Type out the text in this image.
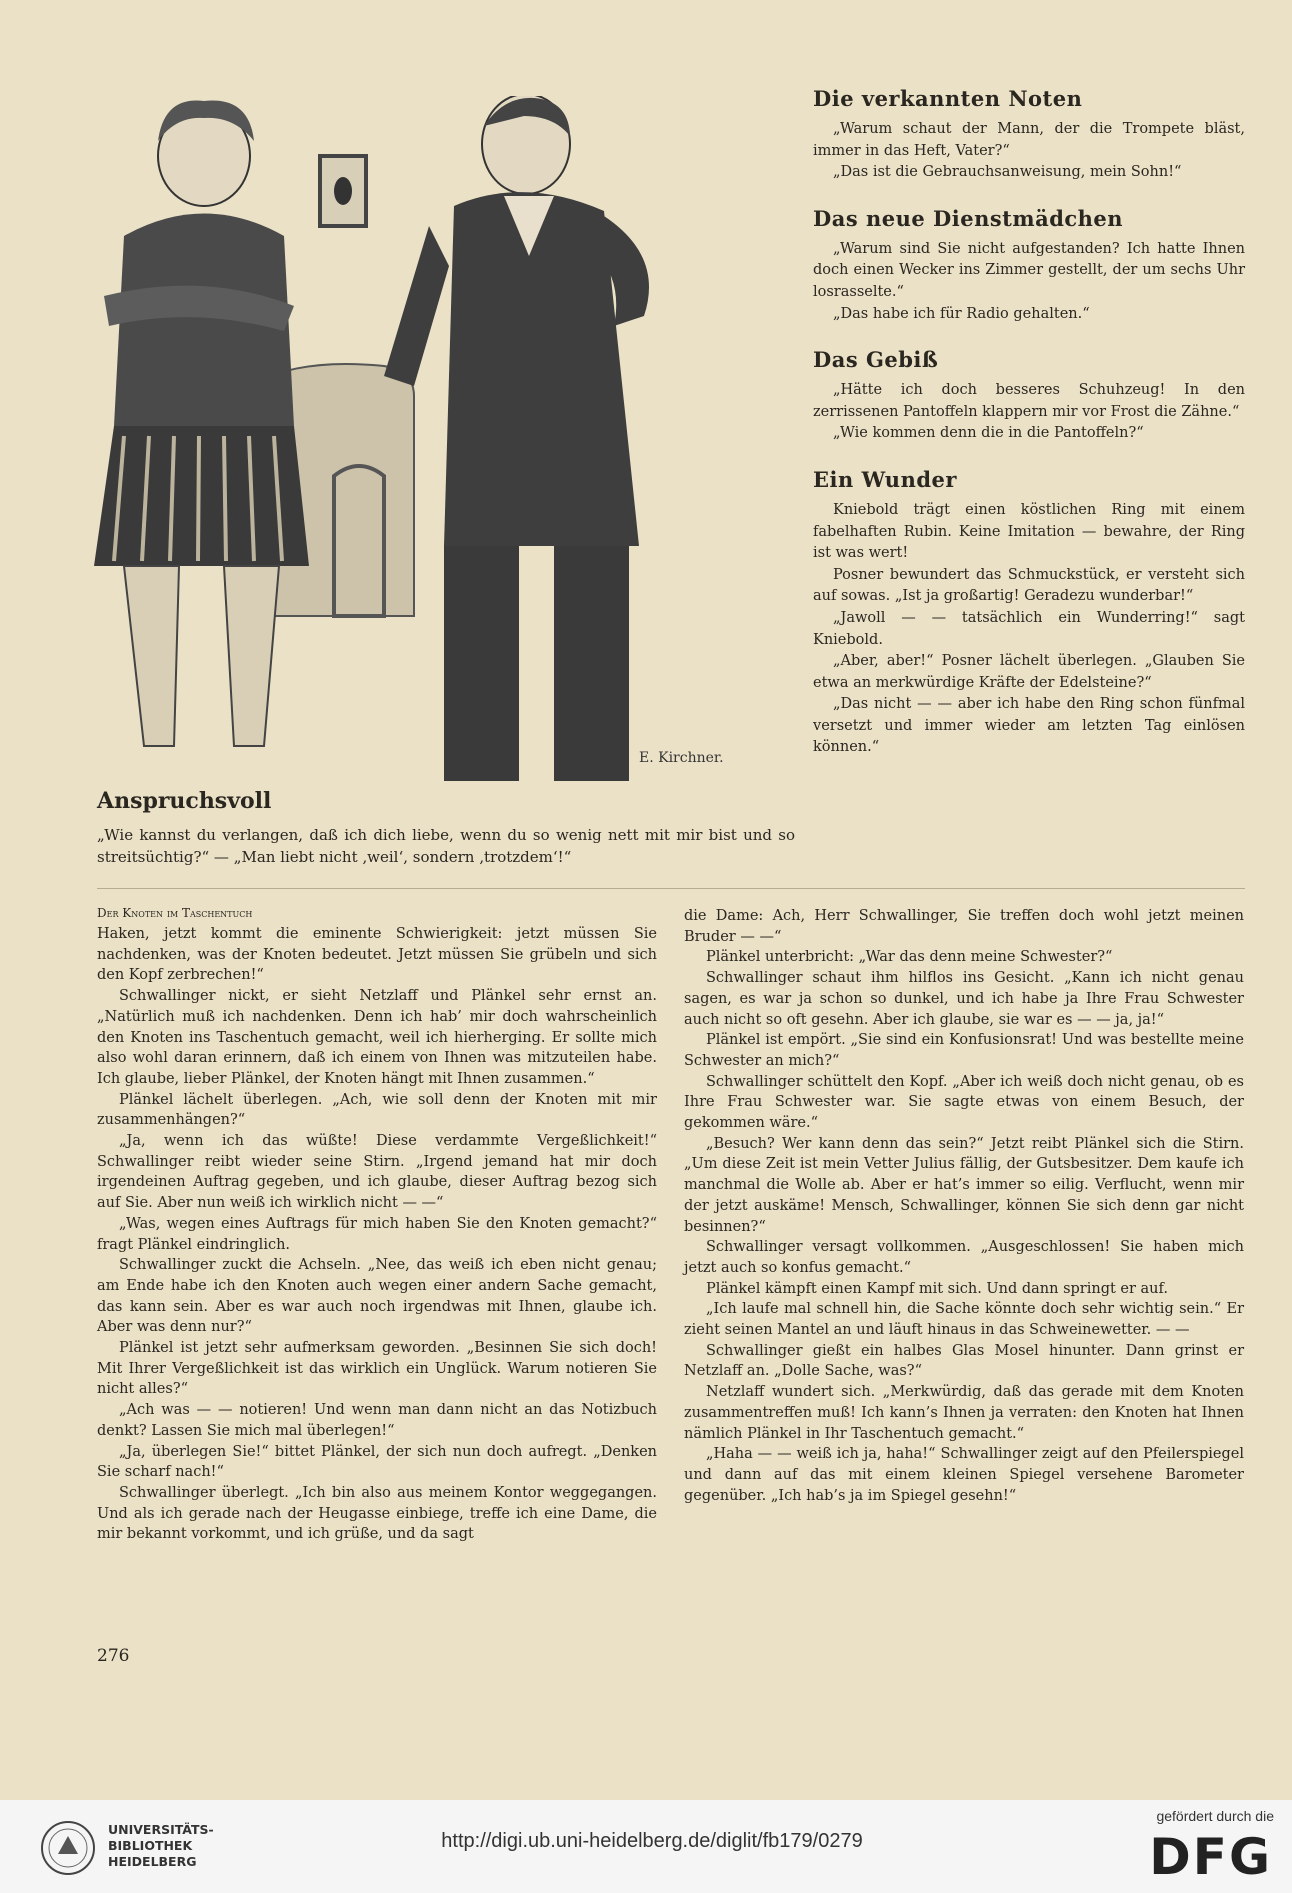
E. Kirchner.

Anspruchsvoll

„Wie kannst du verlangen, daß ich dich liebe, wenn du so wenig nett mit mir bist und so streitsüchtig?“ — „Man liebt nicht ‚weil‘, sondern ‚trotzdem‘!“

Die verkannten Noten

„Warum schaut der Mann, der die Trompete bläst, immer in das Heft, Vater?“

„Das ist die Gebrauchsanweisung, mein Sohn!“

Das neue Dienstmädchen

„Warum sind Sie nicht aufgestanden? Ich hatte Ihnen doch einen Wecker ins Zimmer gestellt, der um sechs Uhr losrasselte.“

„Das habe ich für Radio gehalten.“

Das Gebiß

„Hätte ich doch besseres Schuhzeug! In den zerrissenen Pantoffeln klappern mir vor Frost die Zähne.“

„Wie kommen denn die in die Pantoffeln?“

Ein Wunder

Kniebold trägt einen köstlichen Ring mit einem fabelhaften Rubin. Keine Imitation — bewahre, der Ring ist was wert!

Posner bewundert das Schmuckstück, er versteht sich auf sowas. „Ist ja großartig! Geradezu wunderbar!“

„Jawoll — — tatsächlich ein Wunderring!“ sagt Kniebold.

„Aber, aber!“ Posner lächelt überlegen. „Glauben Sie etwa an merkwürdige Kräfte der Edelsteine?“

„Das nicht — — aber ich habe den Ring schon fünfmal versetzt und immer wieder am letzten Tag einlösen können.“

Der Knoten im Taschentuch

Haken, jetzt kommt die eminente Schwierigkeit: jetzt müssen Sie nachdenken, was der Knoten bedeutet. Jetzt müssen Sie grübeln und sich den Kopf zerbrechen!“

Schwallinger nickt, er sieht Netzlaff und Plänkel sehr ernst an. „Natürlich muß ich nachdenken. Denn ich hab’ mir doch wahrscheinlich den Knoten ins Taschentuch gemacht, weil ich hierherging. Er sollte mich also wohl daran erinnern, daß ich einem von Ihnen was mitzuteilen habe. Ich glaube, lieber Plänkel, der Knoten hängt mit Ihnen zusammen.“

Plänkel lächelt überlegen. „Ach, wie soll denn der Knoten mit mir zusammenhängen?“

„Ja, wenn ich das wüßte! Diese verdammte Vergeßlichkeit!“ Schwallinger reibt wieder seine Stirn. „Irgend jemand hat mir doch irgendeinen Auftrag gegeben, und ich glaube, dieser Auftrag bezog sich auf Sie. Aber nun weiß ich wirklich nicht — —“

„Was, wegen eines Auftrags für mich haben Sie den Knoten gemacht?“ fragt Plänkel eindringlich.

Schwallinger zuckt die Achseln. „Nee, das weiß ich eben nicht genau; am Ende habe ich den Knoten auch wegen einer andern Sache gemacht, das kann sein. Aber es war auch noch irgendwas mit Ihnen, glaube ich. Aber was denn nur?“

Plänkel ist jetzt sehr aufmerksam geworden. „Besinnen Sie sich doch! Mit Ihrer Vergeßlichkeit ist das wirklich ein Unglück. Warum notieren Sie nicht alles?“

„Ach was — — notieren! Und wenn man dann nicht an das Notizbuch denkt? Lassen Sie mich mal überlegen!“

„Ja, überlegen Sie!“ bittet Plänkel, der sich nun doch aufregt. „Denken Sie scharf nach!“

Schwallinger überlegt. „Ich bin also aus meinem Kontor weggegangen. Und als ich gerade nach der Heugasse einbiege, treffe ich eine Dame, die mir bekannt vorkommt, und ich grüße, und da sagt

die Dame: Ach, Herr Schwallinger, Sie treffen doch wohl jetzt meinen Bruder — —“

Plänkel unterbricht: „War das denn meine Schwester?“

Schwallinger schaut ihm hilflos ins Gesicht. „Kann ich nicht genau sagen, es war ja schon so dunkel, und ich habe ja Ihre Frau Schwester auch nicht so oft gesehn. Aber ich glaube, sie war es — — ja, ja!“

Plänkel ist empört. „Sie sind ein Konfusionsrat! Und was bestellte meine Schwester an mich?“

Schwallinger schüttelt den Kopf. „Aber ich weiß doch nicht genau, ob es Ihre Frau Schwester war. Sie sagte etwas von einem Besuch, der gekommen wäre.“

„Besuch? Wer kann denn das sein?“ Jetzt reibt Plänkel sich die Stirn. „Um diese Zeit ist mein Vetter Julius fällig, der Gutsbesitzer. Dem kaufe ich manchmal die Wolle ab. Aber er hat’s immer so eilig. Verflucht, wenn mir der jetzt auskäme! Mensch, Schwallinger, können Sie sich denn gar nicht besinnen?“

Schwallinger versagt vollkommen. „Ausgeschlossen! Sie haben mich jetzt auch so konfus gemacht.“

Plänkel kämpft einen Kampf mit sich. Und dann springt er auf.

„Ich laufe mal schnell hin, die Sache könnte doch sehr wichtig sein.“ Er zieht seinen Mantel an und läuft hinaus in das Schweinewetter. — —

Schwallinger gießt ein halbes Glas Mosel hinunter. Dann grinst er Netzlaff an. „Dolle Sache, was?“

Netzlaff wundert sich. „Merkwürdig, daß das gerade mit dem Knoten zusammentreffen muß! Ich kann’s Ihnen ja verraten: den Knoten hat Ihnen nämlich Plänkel in Ihr Taschentuch gemacht.“

„Haha — — weiß ich ja, haha!“ Schwallinger zeigt auf den Pfeilerspiegel und dann auf das mit einem kleinen Spiegel versehene Barometer gegenüber. „Ich hab’s ja im Spiegel gesehn!“

276

UNIVERSITÄTS-
BIBLIOTHEK
HEIDELBERG

http://digi.ub.uni-heidelberg.de/diglit/fb179/0279

gefördert durch die

DFG
